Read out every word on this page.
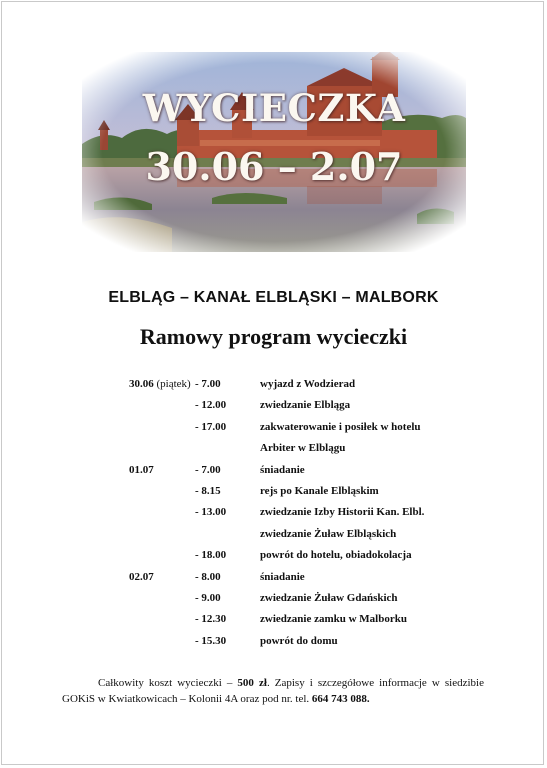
WYCIECZKA
30.06 – 2.07
ELBLĄG – KANAŁ ELBLĄSKI – MALBORK
Ramowy program wycieczki
30.06 (piątek) - 7.00	wyjazd z Wodzierad
- 12.00	zwiedzanie Elbląga
- 17.00	zakwaterowanie i posiłek w hotelu
Arbiter w Elblągu
01.07	- 7.00	śniadanie
- 8.15	rejs po Kanale Elbląskim
- 13.00	zwiedzanie Izby Historii Kan. Elbl.
zwiedzanie Żuław Elbląskich
- 18.00	powrót do hotelu, obiadokolacja
02.07	- 8.00	śniadanie
- 9.00	zwiedzanie Żuław Gdańskich
- 12.30	zwiedzanie zamku w Malborku
- 15.30	powrót do domu
Całkowity koszt wycieczki – 500 zł. Zapisy i szczegółowe informacje w siedzibie GOKiS w Kwiatkowicach – Kolonii 4A oraz pod nr. tel. 664 743 088.
